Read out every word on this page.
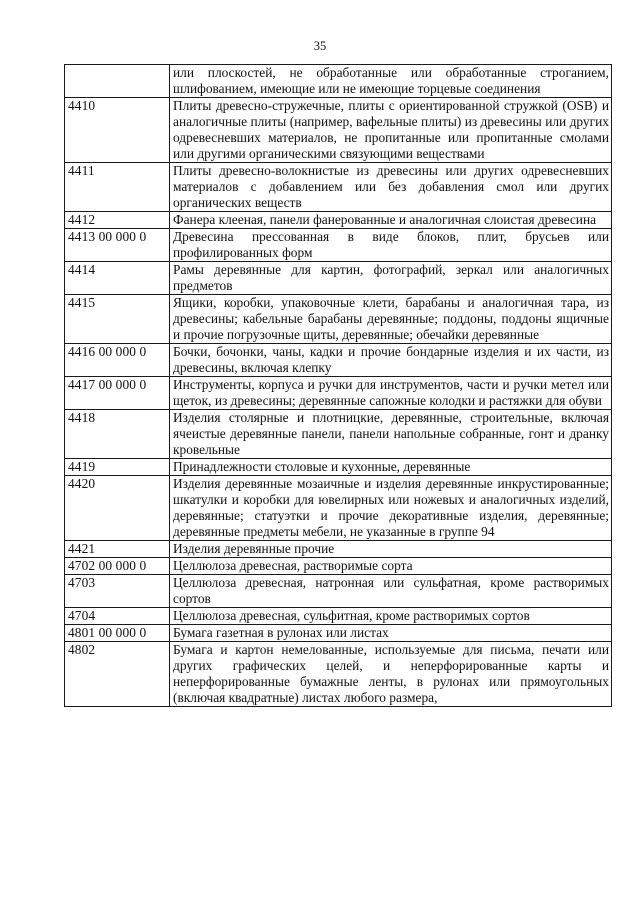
35
	или плоскостей, не обработанные или обработанные строганием, шлифованием, имеющие или не имеющие торцевые соединения
4410	Плиты древесно-стружечные, плиты с ориентированной стружкой (OSB) и аналогичные плиты (например, вафельные плиты) из древесины или других одревесневших материалов, не пропитанные или пропитанные смолами или другими органическими связующими веществами
4411	Плиты древесно-волокнистые из древесины или других одревесневших материалов с добавлением или без добавления смол или других органических веществ
4412	Фанера клееная, панели фанерованные и аналогичная слоистая древесина
4413 00 000 0	Древесина прессованная в виде блоков, плит, брусьев или профилированных форм
4414	Рамы деревянные для картин, фотографий, зеркал или аналогичных предметов
4415	Ящики, коробки, упаковочные клети, барабаны и аналогичная тара, из древесины; кабельные барабаны деревянные; поддоны, поддоны ящичные и прочие погрузочные щиты, деревянные; обечайки деревянные
4416 00 000 0	Бочки, бочонки, чаны, кадки и прочие бондарные изделия и их части, из древесины, включая клепку
4417 00 000 0	Инструменты, корпуса и ручки для инструментов, части и ручки метел или щеток, из древесины; деревянные сапожные колодки и растяжки для обуви
4418	Изделия столярные и плотницкие, деревянные, строительные, включая ячеистые деревянные панели, панели напольные собранные, гонт и дранку кровельные
4419	Принадлежности столовые и кухонные, деревянные
4420	Изделия деревянные мозаичные и изделия деревянные инкрустированные; шкатулки и коробки для ювелирных или ножевых и аналогичных изделий, деревянные; статуэтки и прочие декоративные изделия, деревянные; деревянные предметы мебели, не указанные в группе 94
4421	Изделия деревянные прочие
4702 00 000 0	Целлюлоза древесная, растворимые сорта
4703	Целлюлоза древесная, натронная или сульфатная, кроме растворимых сортов
4704	Целлюлоза древесная, сульфитная, кроме растворимых сортов
4801 00 000 0	Бумага газетная в рулонах или листах
4802	Бумага и картон немелованные, используемые для письма, печати или других графических целей, и неперфорированные карты и неперфорированные бумажные ленты, в рулонах или прямоугольных (включая квадратные) листах любого размера,
